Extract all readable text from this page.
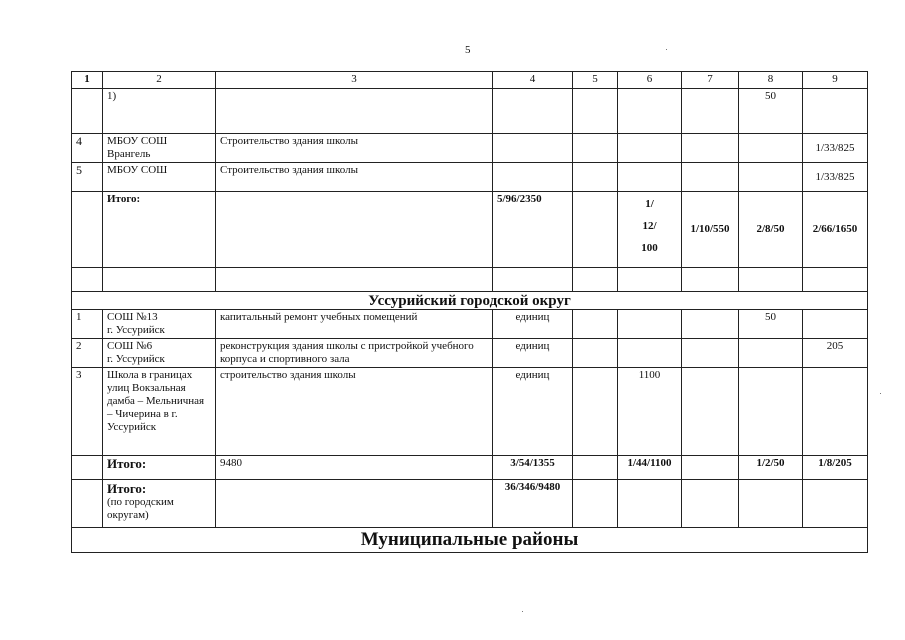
5
1	2	3	4	5	6	7	8	9
	1)						50	
4	МБОУ СОШ Врангель	Строительство здания школы						1/33/825
5	МБОУ СОШ	Строительство здания школы						1/33/825
	Итого:		5/96/2350		1/
12/
100	1/10/550	2/8/50	2/66/1650

Уссурийский городской округ								
1	СОШ №13
г. Уссурийск	капитальный ремонт учебных помещений	единиц				50	
2	СОШ №6
г. Уссурийск	реконструкция здания школы с пристройкой учебного корпуса и спортивного зала	единиц					205
3	Школа в границах улиц Вокзальная дамба – Мельничная – Чичерина в г. Уссурийск	строительство здания школы	единиц		1100			
	Итого:	9480	3/54/1355		1/44/1100		1/2/50	1/8/205

	Итого:
(по городским округам)		36/346/9480					
Муниципальные районы								
